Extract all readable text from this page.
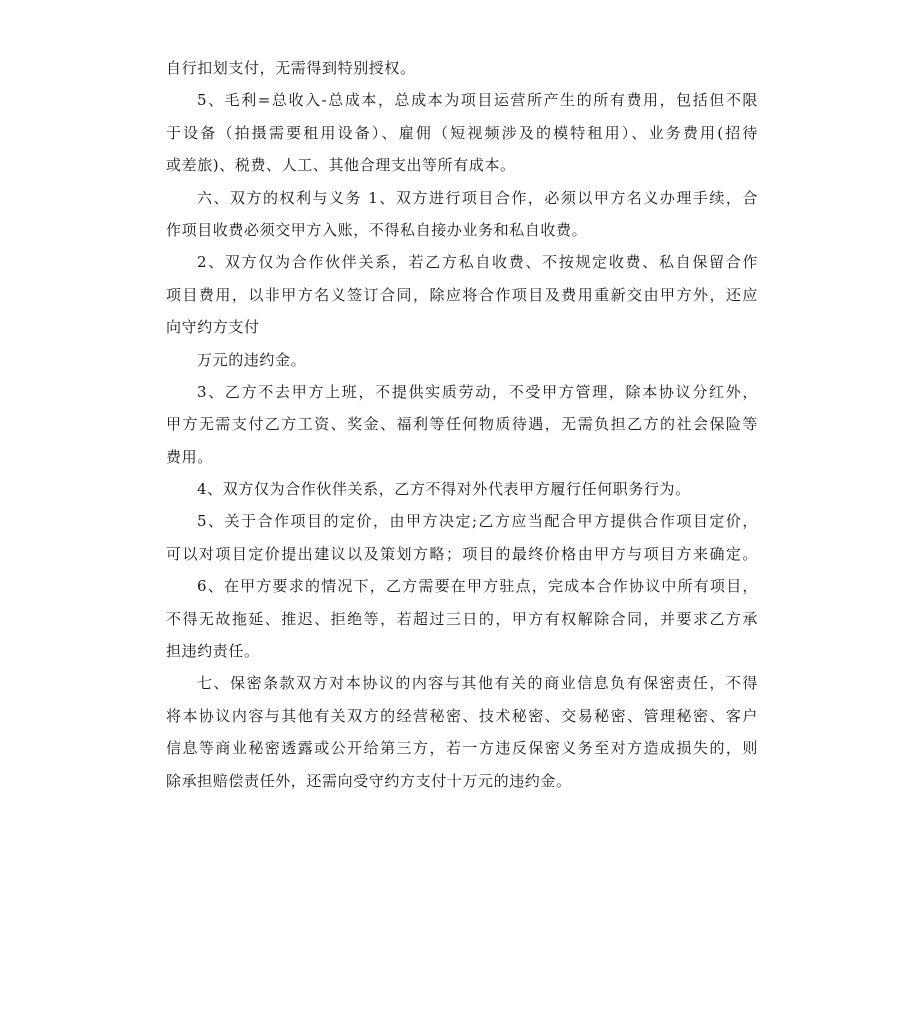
自行扣划支付，无需得到特别授权。
5、毛利=总收入-总成本，总成本为项目运营所产生的所有费用，包括但不限
于设备（拍摄需要租用设备）、雇佣（短视频涉及的模特租用）、业务费用(招待
或差旅)、税费、人工、其他合理支出等所有成本。
六、双方的权利与义务 1、双方进行项目合作，必须以甲方名义办理手续，合
作项目收费必须交甲方入账，不得私自接办业务和私自收费。
2、双方仅为合作伙伴关系，若乙方私自收费、不按规定收费、私自保留合作
项目费用，以非甲方名义签订合同，除应将合作项目及费用重新交由甲方外，还应
向守约方支付
万元的违约金。
3、乙方不去甲方上班，不提供实质劳动，不受甲方管理，除本协议分红外，
甲方无需支付乙方工资、奖金、福利等任何物质待遇，无需负担乙方的社会保险等
费用。
4、双方仅为合作伙伴关系，乙方不得对外代表甲方履行任何职务行为。
5、关于合作项目的定价，由甲方决定;乙方应当配合甲方提供合作项目定价，
可以对项目定价提出建议以及策划方略；项目的最终价格由甲方与项目方来确定。
6、在甲方要求的情况下，乙方需要在甲方驻点，完成本合作协议中所有项目，
不得无故拖延、推迟、拒绝等，若超过三日的，甲方有权解除合同，并要求乙方承
担违约责任。
七、保密条款双方对本协议的内容与其他有关的商业信息负有保密责任，不得
将本协议内容与其他有关双方的经营秘密、技术秘密、交易秘密、管理秘密、客户
信息等商业秘密透露或公开给第三方，若一方违反保密义务至对方造成损失的，则
除承担赔偿责任外，还需向受守约方支付十万元的违约金。
